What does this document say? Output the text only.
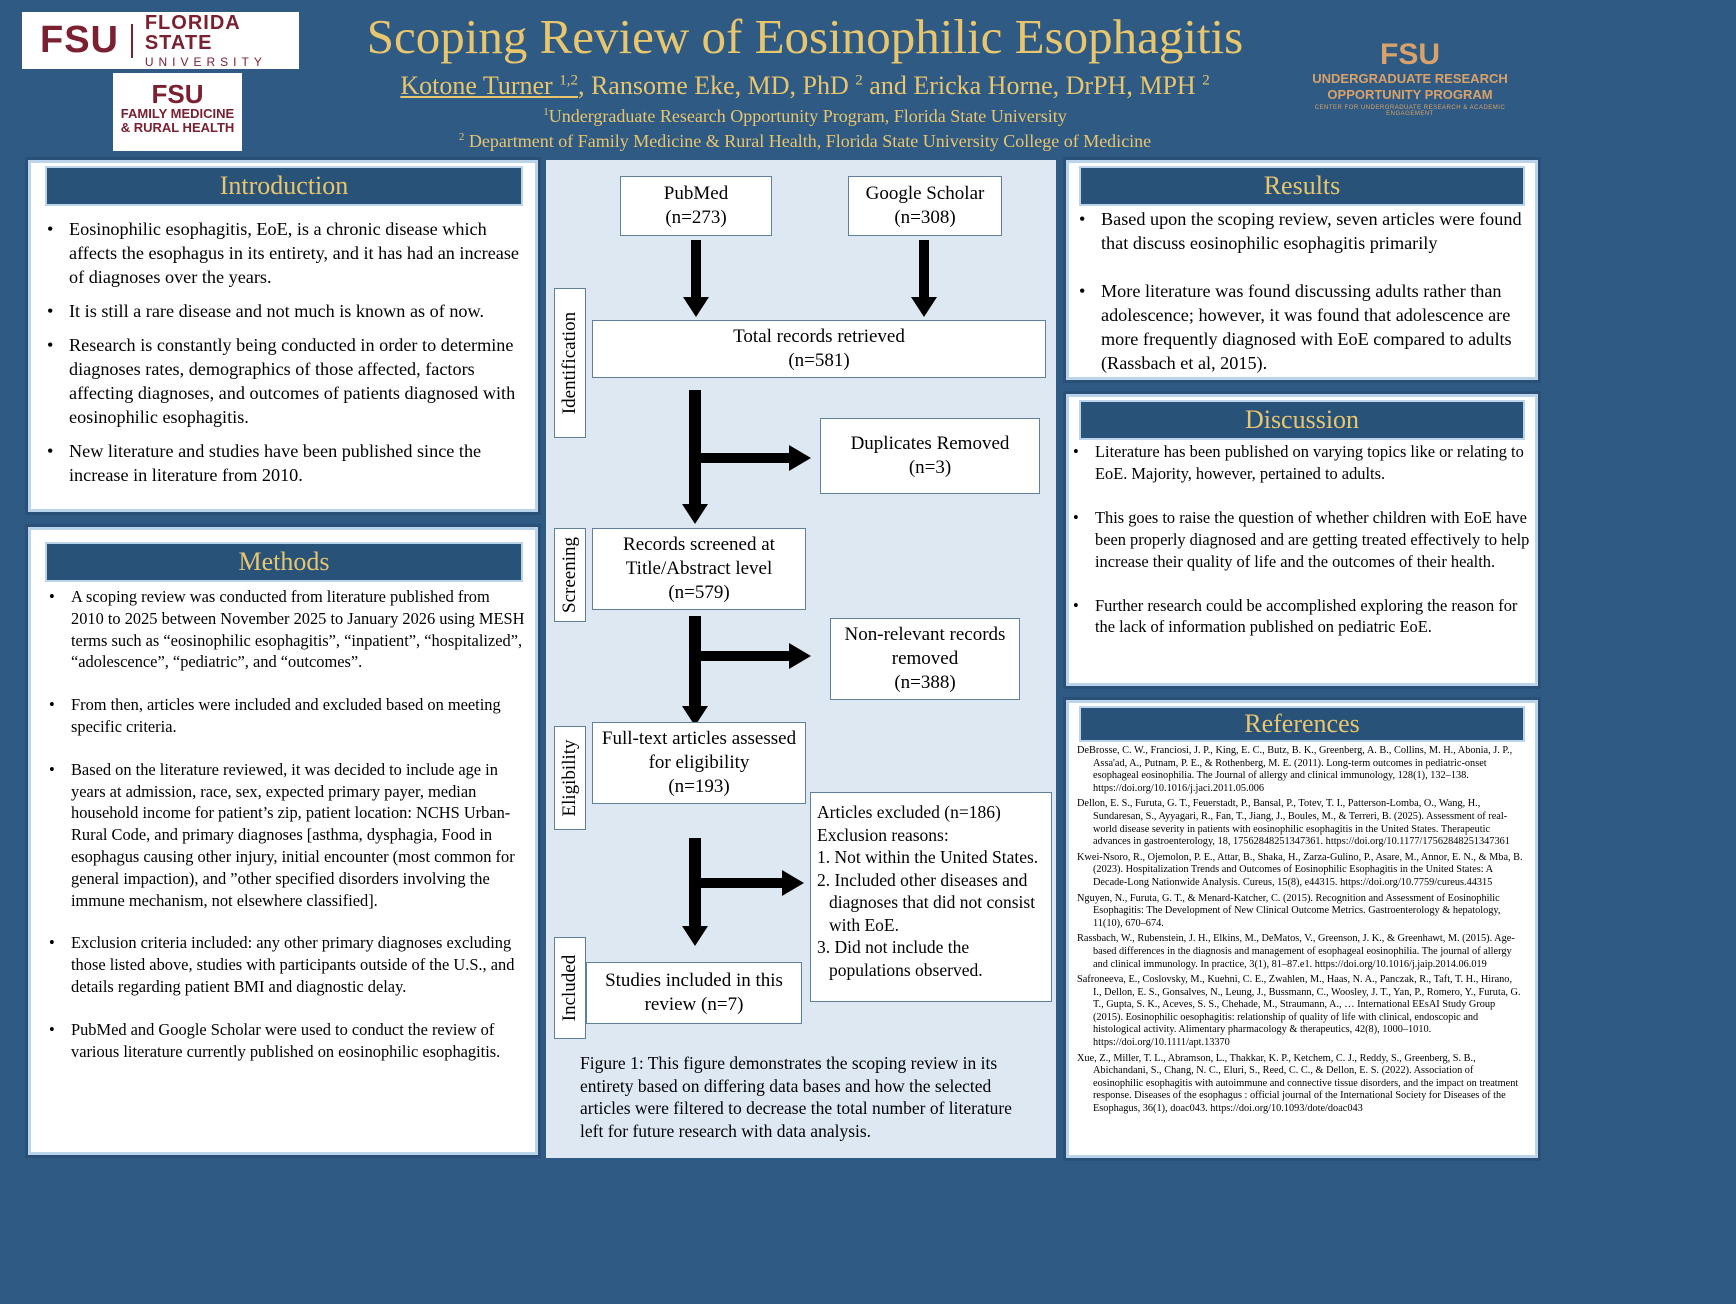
FSU FLORIDA STATE
UNIVERSITY
FSU
FAMILY MEDICINE
& RURAL HEALTH
Scoping Review of Eosinophilic Esophagitis
Kotone Turner $^{1,2}$, Ransome Eke, MD, PhD $^2$ and Ericka Horne, DrPH, MPH $^2$
$^1$Undergraduate Research Opportunity Program, Florida State University
$^2$ Department of Family Medicine & Rural Health, Florida State University College of Medicine
FSU
UNDERGRADUATE RESEARCH
OPPORTUNITY PROGRAM
CENTER FOR UNDERGRADUATE RESEARCH & ACADEMIC ENGAGEMENT
Introduction
• Eosinophilic esophagitis, EoE, is a chronic disease which affects the esophagus in its entirety, and it has had an increase of diagnoses over the years.
• It is still a rare disease and not much is known as of now.
• Research is constantly being conducted in order to determine diagnoses rates, demographics of those affected, factors affecting diagnoses, and outcomes of patients diagnosed with eosinophilic esophagitis.
• New literature and studies have been published since the increase in literature from 2010.
Methods
• A scoping review was conducted from literature published from 2010 to 2025 between November 2025 to January 2026 using MESH terms such as “eosinophilic esophagitis”, “inpatient”, “hospitalized”, “adolescence”, “pediatric”, and “outcomes”.
• From then, articles were included and excluded based on meeting specific criteria.
• Based on the literature reviewed, it was decided to include age in years at admission, race, sex, expected primary payer, median household income for patient’s zip, patient location: NCHS Urban-Rural Code, and primary diagnoses [asthma, dysphagia, Food in esophagus causing other injury, initial encounter (most common for general impaction), and ”other specified disorders involving the immune mechanism, not elsewhere classified].
• Exclusion criteria included: any other primary diagnoses excluding those listed above, studies with participants outside of the U.S., and details regarding patient BMI and diagnostic delay.
• PubMed and Google Scholar were used to conduct the review of various literature currently published on eosinophilic esophagitis.
Identification
Screening
Eligibility
Included
PubMed
(n=273)
Google Scholar
(n=308)
Total records retrieved
(n=581)
Duplicates Removed
(n=3)
Records screened at
Title/Abstract level
(n=579)
Non-relevant records
removed
(n=388)
Full-text articles assessed
for eligibility
(n=193)
Articles excluded (n=186)
Exclusion reasons:
1. Not within the United States.
2. Included other diseases and diagnoses that did not consist with EoE.
3. Did not include the populations observed.
Studies included in this
review (n=7)
Figure 1: This figure demonstrates the scoping review in its entirety based on differing data bases and how the selected articles were filtered to decrease the total number of literature left for future research with data analysis.
Results
• Based upon the scoping review, seven articles were found that discuss eosinophilic esophagitis primarily
• More literature was found discussing adults rather than adolescence; however, it was found that adolescence are more frequently diagnosed with EoE compared to adults (Rassbach et al, 2015).
Discussion
• Literature has been published on varying topics like or relating to EoE. Majority, however, pertained to adults.
• This goes to raise the question of whether children with EoE have been properly diagnosed and are getting treated effectively to help increase their quality of life and the outcomes of their health.
• Further research could be accomplished exploring the reason for the lack of information published on pediatric EoE.
References

DeBrosse, C. W., Franciosi, J. P., King, E. C., Butz, B. K., Greenberg, A. B., Collins, M. H., Abonia, J. P., Assa'ad, A., Putnam, P. E., & Rothenberg, M. E. (2011). Long-term outcomes in pediatric-onset esophageal eosinophilia. The Journal of allergy and clinical immunology, 128(1), 132–138. https://doi.org/10.1016/j.jaci.2011.05.006

Dellon, E. S., Furuta, G. T., Feuerstadt, P., Bansal, P., Totev, T. I., Patterson-Lomba, O., Wang, H., Sundaresan, S., Ayyagari, R., Fan, T., Jiang, J., Boules, M., & Terreri, B. (2025). Assessment of real-world disease severity in patients with eosinophilic esophagitis in the United States. Therapeutic advances in gastroenterology, 18, 17562848251347361. https://doi.org/10.1177/17562848251347361

Kwei-Nsoro, R., Ojemolon, P. E., Attar, B., Shaka, H., Zarza-Gulino, P., Asare, M., Annor, E. N., & Mba, B. (2023). Hospitalization Trends and Outcomes of Eosinophilic Esophagitis in the United States: A Decade-Long Nationwide Analysis. Cureus, 15(8), e44315. https://doi.org/10.7759/cureus.44315

Nguyen, N., Furuta, G. T., & Menard-Katcher, C. (2015). Recognition and Assessment of Eosinophilic Esophagitis: The Development of New Clinical Outcome Metrics. Gastroenterology & hepatology, 11(10), 670–674.

Rassbach, W., Rubenstein, J. H., Elkins, M., DeMatos, V., Greenson, J. K., & Greenhawt, M. (2015). Age-based differences in the diagnosis and management of esophageal eosinophilia. The journal of allergy and clinical immunology. In practice, 3(1), 81–87.e1. https://doi.org/10.1016/j.jaip.2014.06.019

Safroneeva, E., Coslovsky, M., Kuehni, C. E., Zwahlen, M., Haas, N. A., Panczak, R., Taft, T. H., Hirano, I., Dellon, E. S., Gonsalves, N., Leung, J., Bussmann, C., Woosley, J. T., Yan, P., Romero, Y., Furuta, G. T., Gupta, S. K., Aceves, S. S., Chehade, M., Straumann, A., … International EEsAI Study Group (2015). Eosinophilic oesophagitis: relationship of quality of life with clinical, endoscopic and histological activity. Alimentary pharmacology & therapeutics, 42(8), 1000–1010. https://doi.org/10.1111/apt.13370

Xue, Z., Miller, T. L., Abramson, L., Thakkar, K. P., Ketchem, C. J., Reddy, S., Greenberg, S. B., Abichandani, S., Chang, N. C., Eluri, S., Reed, C. C., & Dellon, E. S. (2022). Association of eosinophilic esophagitis with autoimmune and connective tissue disorders, and the impact on treatment response. Diseases of the esophagus : official journal of the International Society for Diseases of the Esophagus, 36(1), doac043. https://doi.org/10.1093/dote/doac043
